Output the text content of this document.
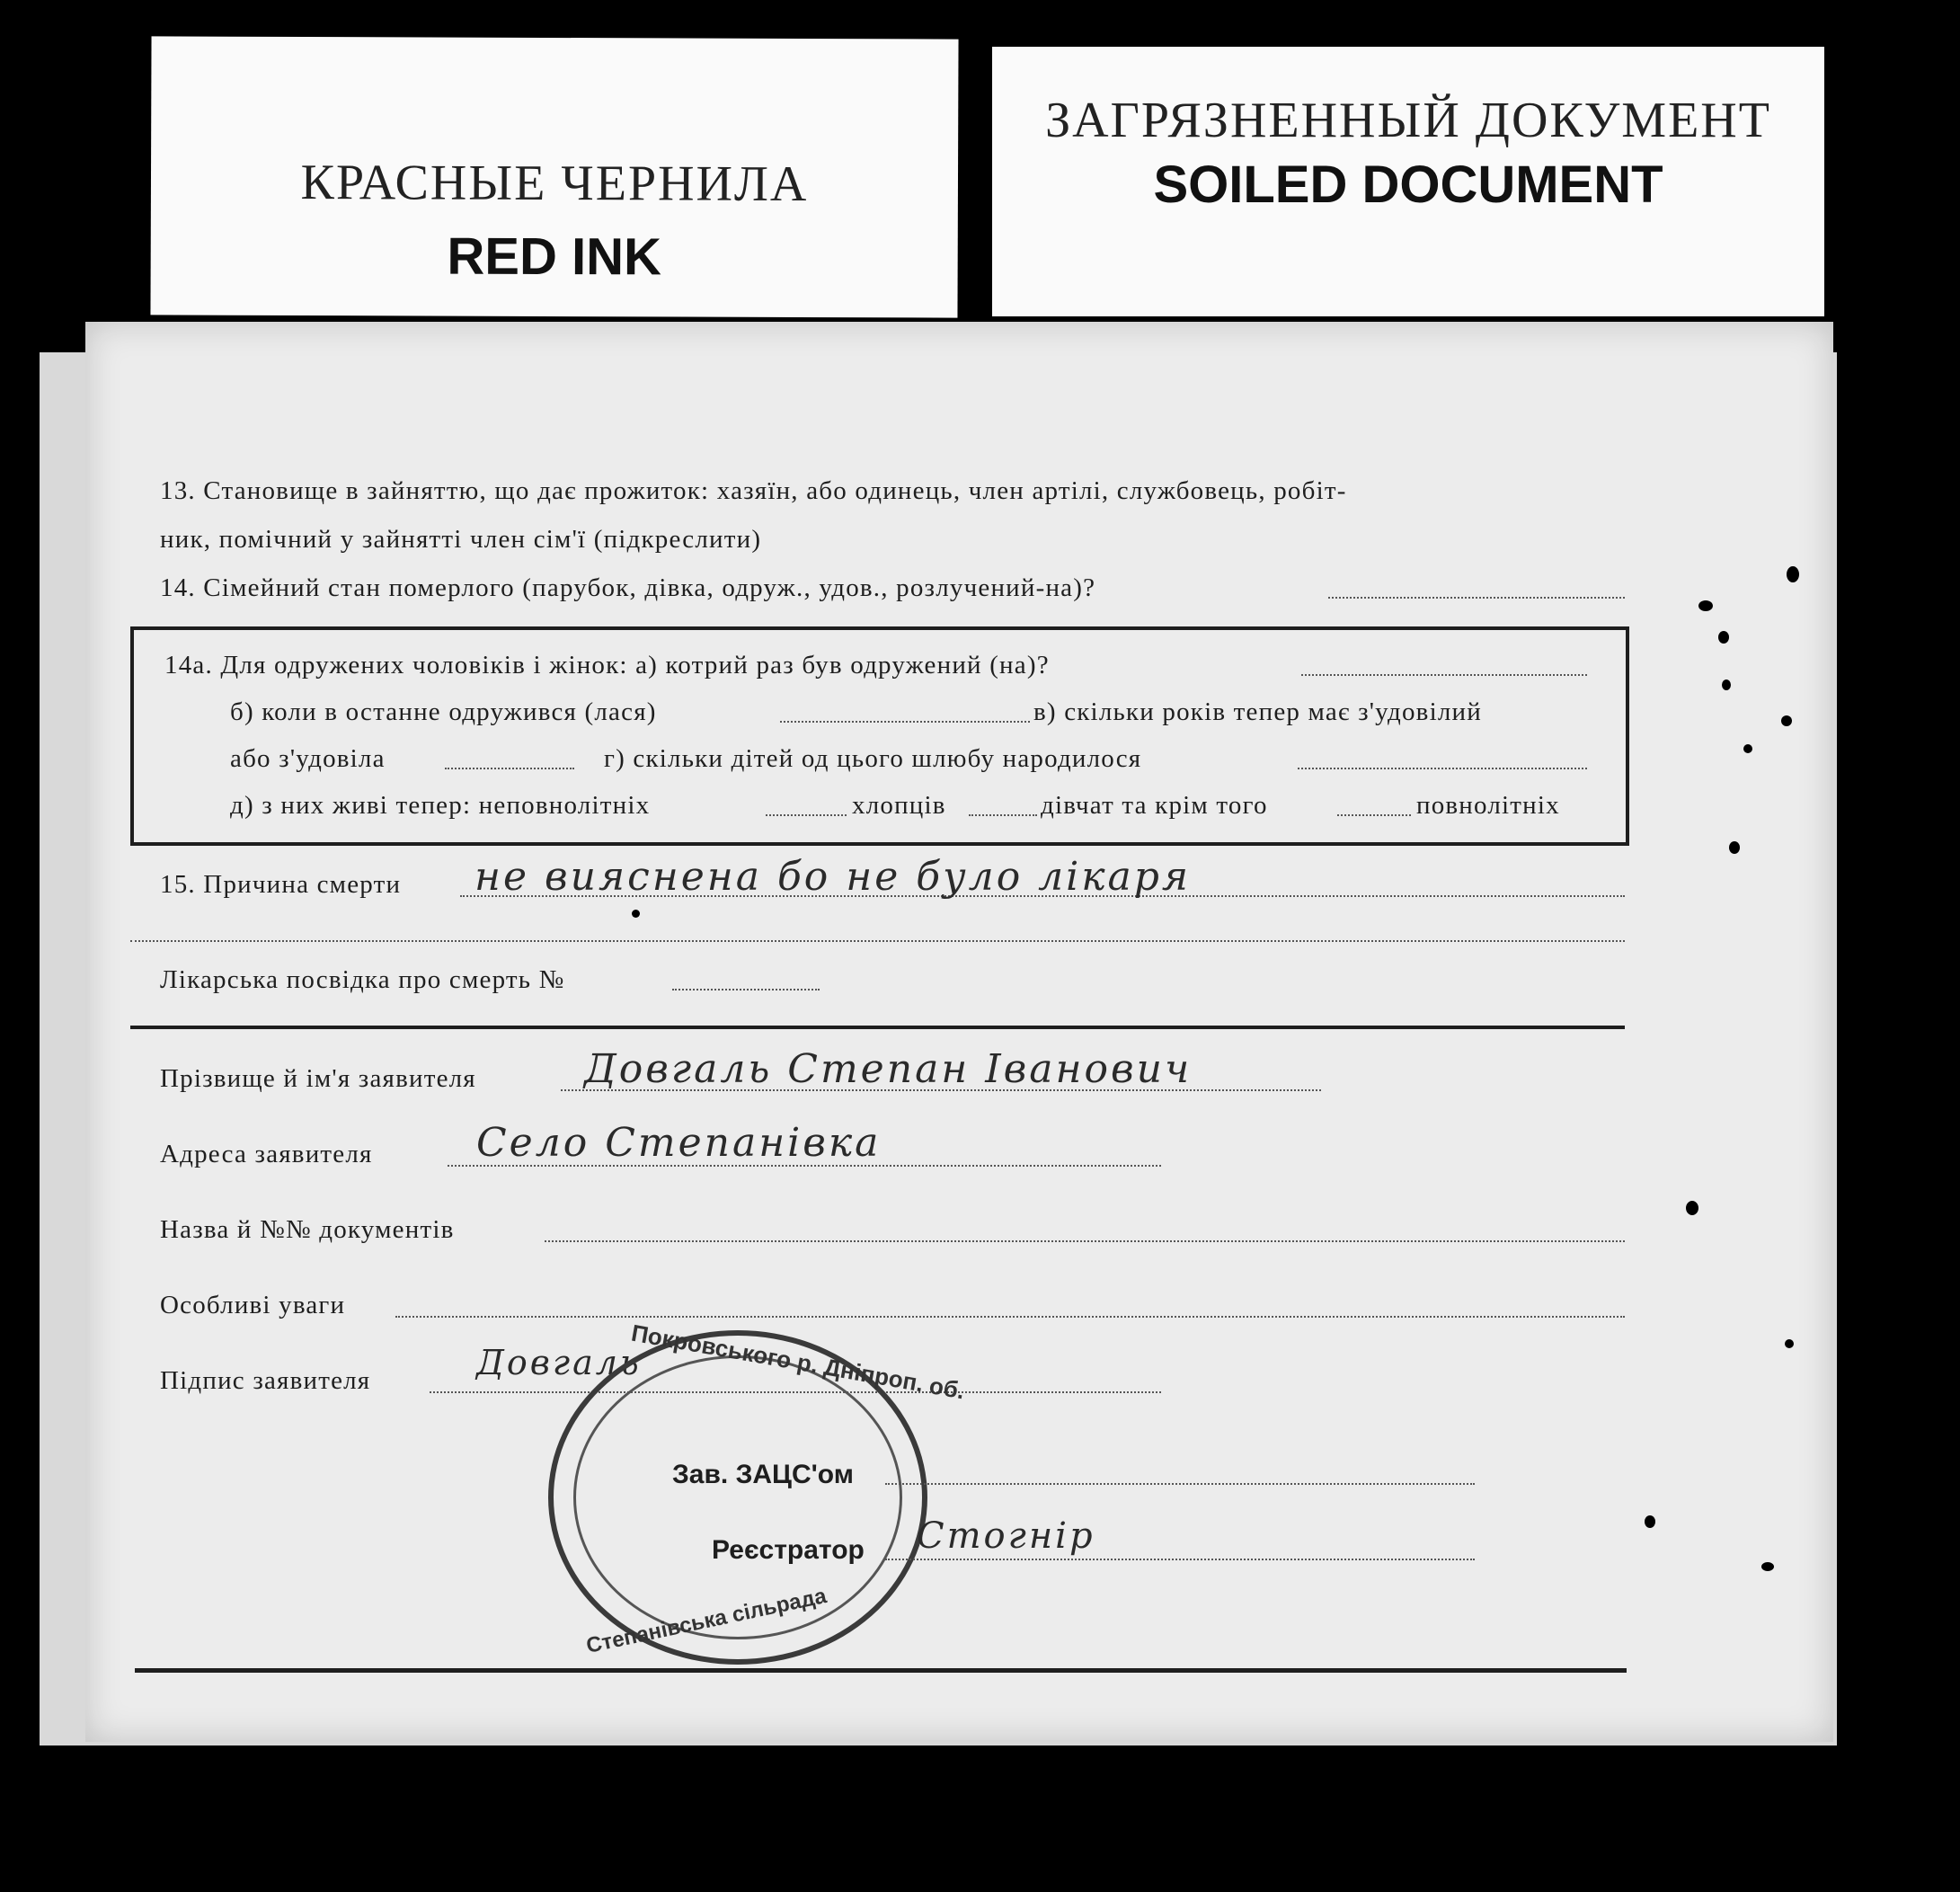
КРАСНЫЕ ЧЕРНИЛА
RED INK
ЗАГРЯЗНЕННЫЙ ДОКУМЕНТ
SOILED DOCUMENT
13. Становище в зайняттю, що дає прожиток: хазяїн, або одинець, член артілі, службовець, робіт-
ник, помічний у зайнятті член сім'ї (підкреслити)
14. Сімейний стан померлого (парубок, дівка, одруж., удов., розлучений-на)?
14а. Для одружених чоловіків і жінок: а) котрий раз був одружений (на)?
б) коли в останне одружився (лася)	в) скільки років тепер має з'удовілий
або з'удовіла	г) скільки дітей од цього шлюбу народилося
д) з них живі тепер: неповнолітніх	хлопців	дівчат та крім того	повнолітніх
15. Причина смерти не вияснена бо не було лікаря
Лікарська посвідка про смерть №
Прізвище й ім'я заявителя	Довгаль Степан Іванович
Адреса заявителя	Село Степанівка
Назва й №№ документів
Особливі уваги
Підпис заявителя	Довгаль
Покровського р. Дніпроп. об.
Степанівська сільрада
Зав. ЗАЦС'ом
Реєстратор Стогнір
